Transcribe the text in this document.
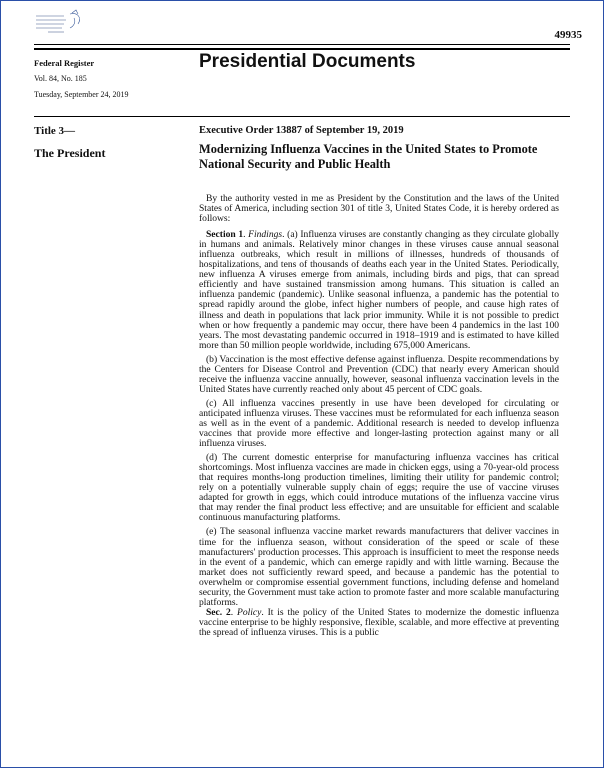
49935
Federal Register
Vol. 84, No. 185
Tuesday, September 24, 2019
Presidential Documents
Title 3—
The President
Executive Order 13887 of September 19, 2019
Modernizing Influenza Vaccines in the United States to Promote National Security and Public Health

By the authority vested in me as President by the Constitution and the laws of the United States of America, including section 301 of title 3, United States Code, it is hereby ordered as follows:

Section 1. Findings. (a) Influenza viruses are constantly changing as they circulate globally in humans and animals. Relatively minor changes in these viruses cause annual seasonal influenza outbreaks, which result in millions of illnesses, hundreds of thousands of hospitalizations, and tens of thousands of deaths each year in the United States. Periodically, new influenza A viruses emerge from animals, including birds and pigs, that can spread efficiently and have sustained transmission among humans. This situation is called an influenza pandemic (pandemic). Unlike seasonal influenza, a pandemic has the potential to spread rapidly around the globe, infect higher numbers of people, and cause high rates of illness and death in populations that lack prior immunity. While it is not possible to predict when or how frequently a pandemic may occur, there have been 4 pandemics in the last 100 years. The most devastating pandemic occurred in 1918–1919 and is estimated to have killed more than 50 million people worldwide, including 675,000 Americans.

(b) Vaccination is the most effective defense against influenza. Despite recommendations by the Centers for Disease Control and Prevention (CDC) that nearly every American should receive the influenza vaccine annually, however, seasonal influenza vaccination levels in the United States have currently reached only about 45 percent of CDC goals.

(c) All influenza vaccines presently in use have been developed for circulating or anticipated influenza viruses. These vaccines must be reformulated for each influenza season as well as in the event of a pandemic. Additional research is needed to develop influenza vaccines that provide more effective and longer-lasting protection against many or all influenza viruses.

(d) The current domestic enterprise for manufacturing influenza vaccines has critical shortcomings. Most influenza vaccines are made in chicken eggs, using a 70-year-old process that requires months-long production timelines, limiting their utility for pandemic control; rely on a potentially vulnerable supply chain of eggs; require the use of vaccine viruses adapted for growth in eggs, which could introduce mutations of the influenza vaccine virus that may render the final product less effective; and are unsuitable for efficient and scalable continuous manufacturing platforms.

(e) The seasonal influenza vaccine market rewards manufacturers that deliver vaccines in time for the influenza season, without consideration of the speed or scale of these manufacturers' production processes. This approach is insufficient to meet the response needs in the event of a pandemic, which can emerge rapidly and with little warning. Because the market does not sufficiently reward speed, and because a pandemic has the potential to overwhelm or compromise essential government functions, including defense and homeland security, the Government must take action to promote faster and more scalable manufacturing platforms.

Sec. 2. Policy. It is the policy of the United States to modernize the domestic influenza vaccine enterprise to be highly responsive, flexible, scalable, and more effective at preventing the spread of influenza viruses. This is a public
